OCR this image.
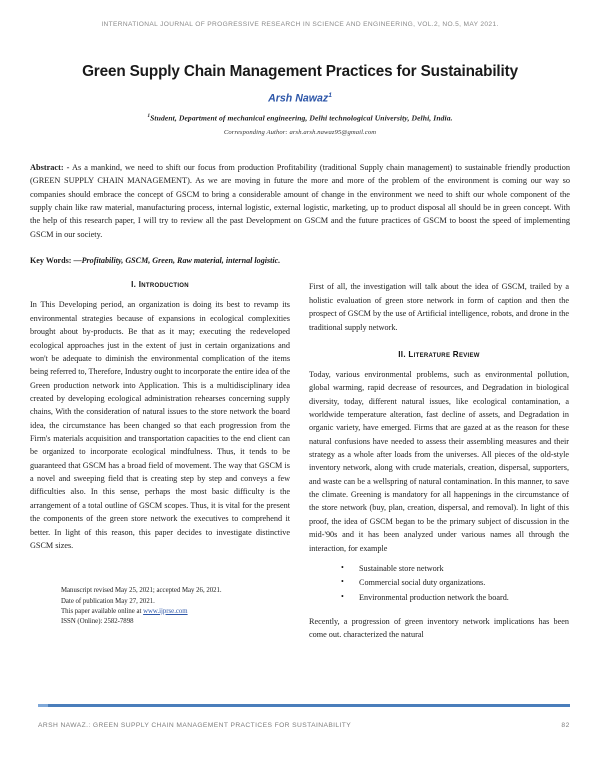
INTERNATIONAL JOURNAL OF PROGRESSIVE RESEARCH IN SCIENCE AND ENGINEERING, VOL.2, NO.5, MAY 2021.
Green Supply Chain Management Practices for Sustainability
Arsh Nawaz$^1$
$^1$Student, Department of mechanical engineering, Delhi technological University, Delhi, India.
Corresponding Author: arsh.arsh.nawaz95@gmail.com
Abstract: - As a mankind, we need to shift our focus from production Profitability (traditional Supply chain management) to sustainable friendly production (GREEN SUPPLY CHAIN MANAGEMENT). As we are moving in future the more and more of the problem of the environment is coming our way so companies should embrace the concept of GSCM to bring a considerable amount of change in the environment we need to shift our whole component of the supply chain like raw material, manufacturing process, internal logistic, external logistic, marketing, up to product disposal all should be in green concept. With the help of this research paper, I will try to review all the past Development on GSCM and the future practices of GSCM to boost the speed of implementing GSCM in our society.
Key Words: —Profitability, GSCM, Green, Raw material, internal logistic.
I. Introduction

In This Developing period, an organization is doing its best to revamp its environmental strategies because of expansions in ecological complexities brought about by-products. Be that as it may; executing the redeveloped ecological approaches just in the extent of just in certain organizations and won't be adequate to diminish the environmental complication of the items being referred to, Therefore, Industry ought to incorporate the entire idea of the Green production network into Application. This is a multidisciplinary idea created by developing ecological administration rehearses concerning supply chains, With the consideration of natural issues to the store network the board idea, the circumstance has been changed so that each progression from the Firm's materials acquisition and transportation capacities to the end client can be organized to incorporate ecological mindfulness. Thus, it tends to be guaranteed that GSCM has a broad field of movement. The way that GSCM is a novel and sweeping field that is creating step by step and conveys a few difficulties also. In this sense, perhaps the most basic difficulty is the arrangement of a total outline of GSCM scopes. Thus, it is vital for the present the components of the green store network the executives to comprehend it better. In light of this reason, this paper decides to investigate distinctive GSCM sizes.

Manuscript revised May 25, 2021; accepted May 26, 2021.
Date of publication May 27, 2021.
This paper available online at www.ijprse.com
ISSN (Online): 2582-7898

First of all, the investigation will talk about the idea of GSCM, trailed by a holistic evaluation of green store network in form of caption and then the prospect of GSCM by the use of Artificial intelligence, robots, and drone in the traditional supply network.

II. Literature Review

Today, various environmental problems, such as environmental pollution, global warming, rapid decrease of resources, and Degradation in biological diversity, today, different natural issues, like ecological contamination, a worldwide temperature alteration, fast decline of assets, and Degradation in organic variety, have emerged. Firms that are gazed at as the reason for these natural confusions have needed to assess their assembling measures and their strategy as a whole after loads from the universes. All pieces of the old-style inventory network, along with crude materials, creation, dispersal, supporters, and waste can be a wellspring of natural contamination. In this manner, to save the climate. Greening is mandatory for all happenings in the circumstance of the store network (buy, plan, creation, dispersal, and removal). In light of this proof, the idea of GSCM began to be the primary subject of discussion in the mid-'90s and it has been analyzed under various names all through the interaction, for example

• Sustainable store network
• Commercial social duty organizations.
• Environmental production network the board.

Recently, a progression of green inventory network implications has been come out. characterized the natural

ARSH NAWAZ.: GREEN SUPPLY CHAIN MANAGEMENT PRACTICES FOR SUSTAINABILITY	82
